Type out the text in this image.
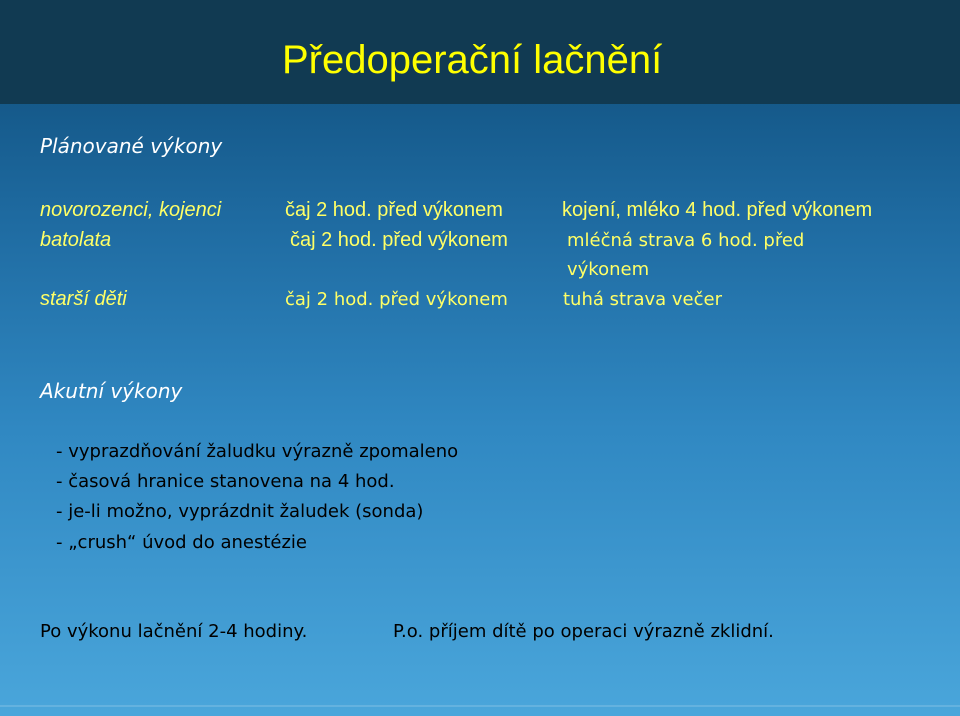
Předoperační lačnění
Plánované výkony
novorozenci, kojenci	čaj 2 hod. před výkonem	kojení, mléko 4 hod. před výkonem
batolata	čaj 2 hod. před výkonem	mléčná strava 6 hod. před
výkonem
starší děti	čaj 2 hod. před výkonem	tuhá strava večer
Akutní výkony
- vyprazdňování žaludku výrazně zpomaleno
- časová hranice stanovena na 4 hod.
- je-li možno, vyprázdnit žaludek (sonda)
- „crush“ úvod do anestézie
Po výkonu lačnění 2-4 hodiny.	P.o. příjem dítě po operaci výrazně zklidní.
